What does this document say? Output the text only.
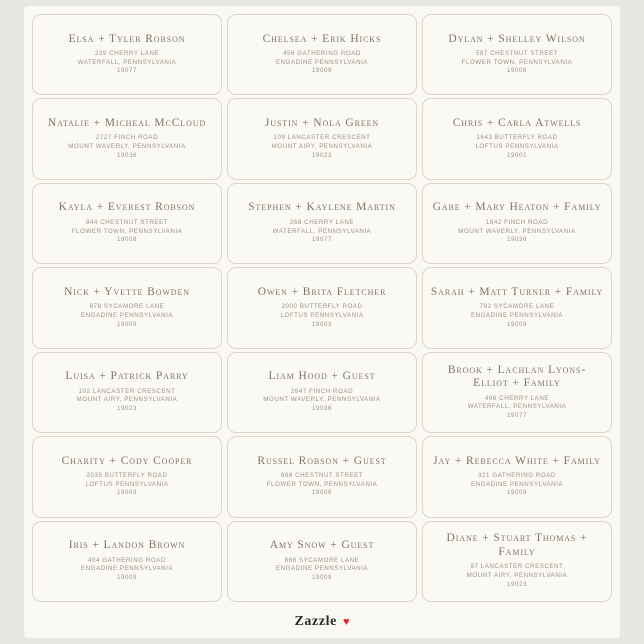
Elsa + Tyler Robson
239 CHERRY LANE
WATERFALL, PENNSYLVANIA
19077
Chelsea + Erik Hicks
456 GATHERING ROAD
ENGADINE PENNSYLVANIA
19009
Dylan + Shelley Wilson
587 CHESTNUT STREET
FLOWER TOWN, PENNSYLVANIA
19008
Natalie + Micheal McCloud
2727 FINCH ROAD
MOUNT WAVERLY, PENNSYLVANIA
19036
Justin + Nola Green
109 LANCASTER CRESCENT
MOUNT AIRY, PENNSYLVANIA
19023
Chris + Carla Atwells
1643 BUTTERFLY ROAD
LOFTUS PENNSYLVANIA
19001
Kayla + Everest Robson
844 CHESTNUT STREET
FLOWER TOWN, PENNSYLVANIA
19008
Stephen + Kaylene Martin
268 CHERRY LANE
WATERFALL, PENNSYLVANIA
19077
Gabe + Mary Heaton + Family
1842 FINCH ROAD
MOUNT WAVERLY, PENNSYLVANIA
19036
Nick + Yvette Bowden
678 SYCAMORE LANE
ENGADINE PENNSYLVANIA
19009
Owen + Brita Fletcher
2000 BUTTERFLY ROAD
LOFTUS PENNSYLVANIA
19003
Sarah + Matt Turner + Family
792 SYCAMORE LANE
ENGADINE PENNSYLVANIA
19009
Luisa + Patrick Parry
102 LANCASTER CRESCENT
MOUNT AIRY, PENNSYLVANIA
19023
Liam Hood + Guest
2647 FINCH ROAD
MOUNT WAVERLY, PENNSYLVANIA
19036
Brook + Lachlan Lyons-Elliot + Family
496 CHERRY LANE
WATERFALL, PENNSYLVANIA
19077
Charity + Cody Cooper
2035 BUTTERFLY ROAD
LOFTUS PENNSYLVANIA
19003
Russel Robson + Guest
688 CHESTNUT STREET
FLOWER TOWN, PENNSYLVANIA
19008
Jay + Rebecca White + Family
321 GATHERING ROAD
ENGADINE PENNSYLVANIA
19009
Iris + Landon Brown
404 GATHERING ROAD
ENGADINE PENNSYLVANIA
19009
Amy Snow + Guest
868 SYCAMORE LANE
ENGADINE PENNSYLVANIA
19009
Diane + Stuart Thomas + Family
97 LANCASTER CRESCENT
MOUNT AIRY, PENNSYLVANIA
19023
Zazzle ♥
